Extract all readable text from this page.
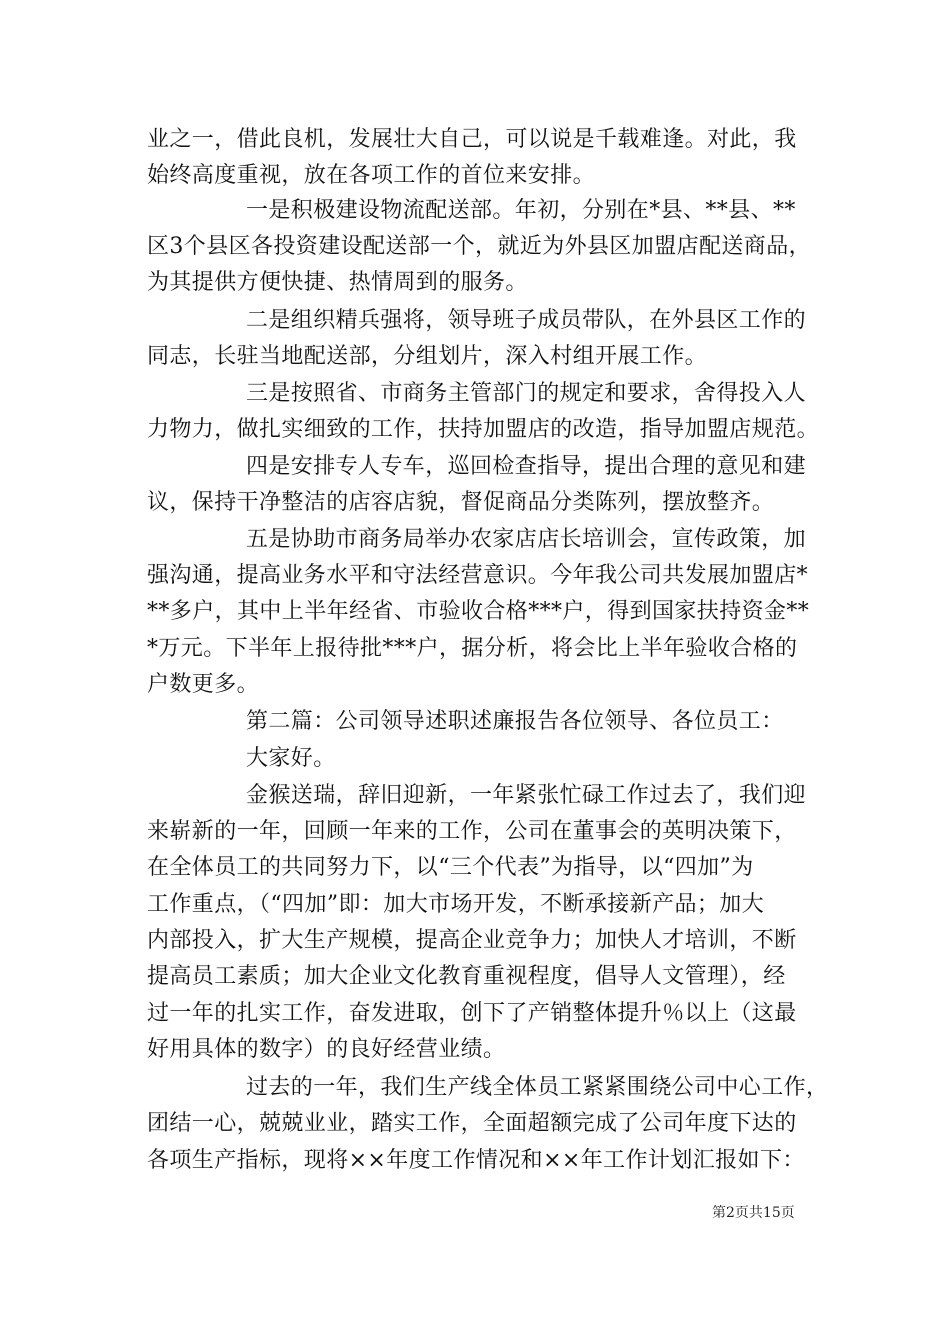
业之一，借此良机，发展壮大自己，可以说是千载难逢。对此，我

始终高度重视，放在各项工作的首位来安排。

一是积极建设物流配送部。年初，分别在*县、**县、**

区3个县区各投资建设配送部一个，就近为外县区加盟店配送商品，

为其提供方便快捷、热情周到的服务。

二是组织精兵强将，领导班子成员带队，在外县区工作的

同志，长驻当地配送部，分组划片，深入村组开展工作。

三是按照省、市商务主管部门的规定和要求，舍得投入人

力物力，做扎实细致的工作，扶持加盟店的改造，指导加盟店规范。

四是安排专人专车，巡回检查指导，提出合理的意见和建

议，保持干净整洁的店容店貌，督促商品分类陈列，摆放整齐。

五是协助市商务局举办农家店店长培训会，宣传政策，加

强沟通，提高业务水平和守法经营意识。今年我公司共发展加盟店*

**多户，其中上半年经省、市验收合格***户，得到国家扶持资金**

*万元。下半年上报待批***户，据分析，将会比上半年验收合格的

户数更多。

第二篇：公司领导述职述廉报告各位领导、各位员工：

大家好。

金猴送瑞，辞旧迎新，一年紧张忙碌工作过去了，我们迎

来崭新的一年，回顾一年来的工作，公司在董事会的英明决策下，

在全体员工的共同努力下，以“三个代表”为指导，以“四加”为

工作重点，（“四加”即：加大市场开发，不断承接新产品；加大

内部投入，扩大生产规模，提高企业竞争力；加快人才培训，不断

提高员工素质；加大企业文化教育重视程度，倡导人文管理），经

过一年的扎实工作，奋发进取，创下了产销整体提升％以上（这最

好用具体的数字）的良好经营业绩。

过去的一年，我们生产线全体员工紧紧围绕公司中心工作，

团结一心，兢兢业业，踏实工作，全面超额完成了公司年度下达的

各项生产指标，现将××年度工作情况和××年工作计划汇报如下：

第2页共15页
